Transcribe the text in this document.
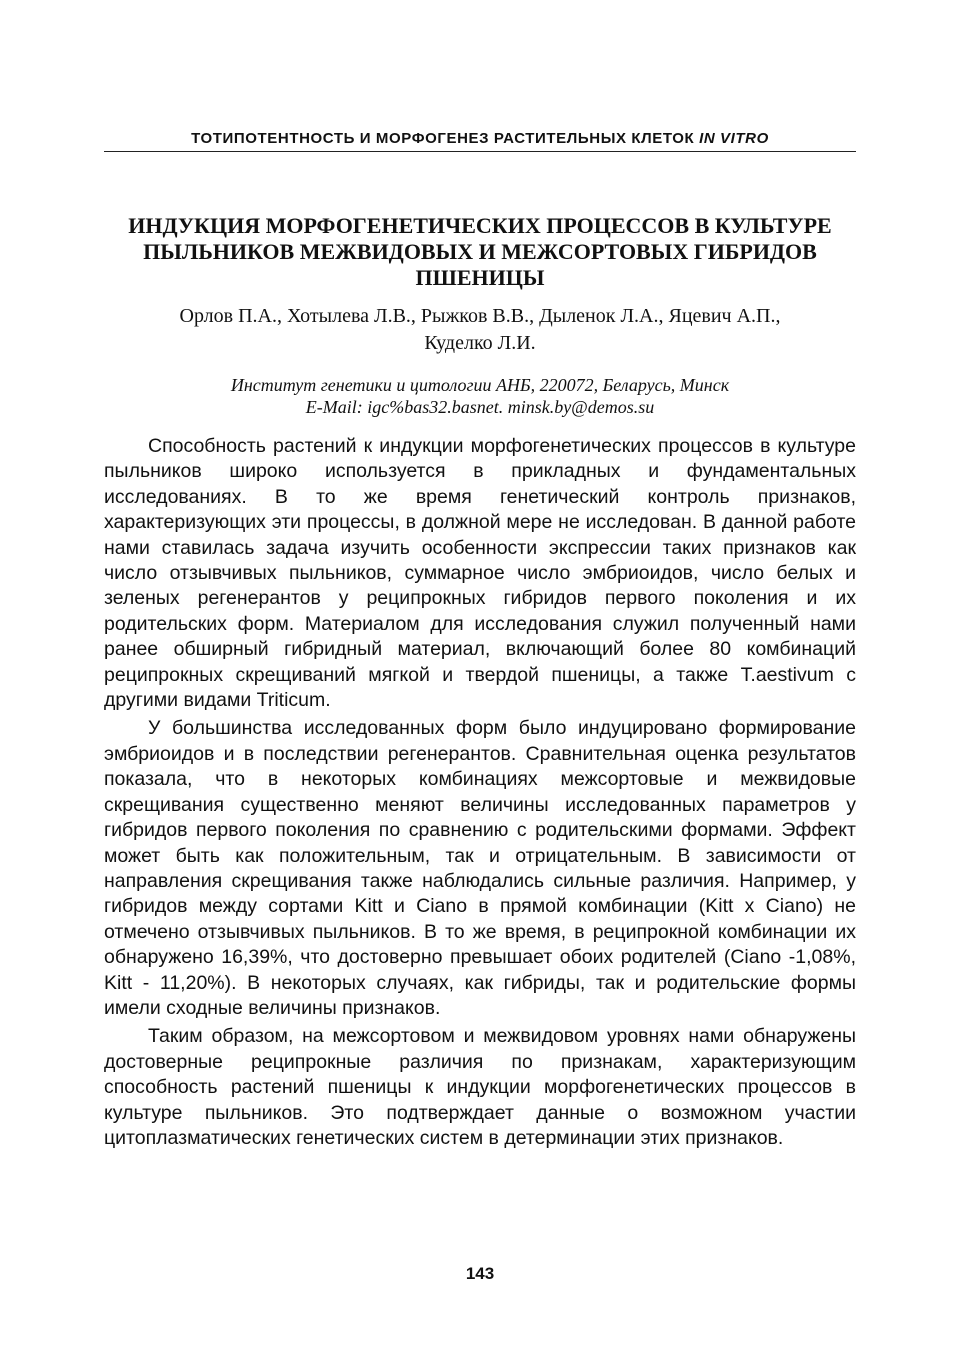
ТОТИПОТЕНТНОСТЬ И МОРФОГЕНЕЗ РАСТИТЕЛЬНЫХ КЛЕТОК IN VITRO
ИНДУКЦИЯ МОРФОГЕНЕТИЧЕСКИХ ПРОЦЕССОВ В КУЛЬТУРЕ
ПЫЛЬНИКОВ МЕЖВИДОВЫХ И МЕЖСОРТОВЫХ ГИБРИДОВ
ПШЕНИЦЫ
Орлов П.А., Хотылева Л.В., Рыжков В.В., Дыленок Л.А., Яцевич А.П.,
Куделко Л.И.
Институт генетики и цитологии АНБ, 220072, Беларусь, Минск
E-Mail: igc%bas32.basnet. minsk.by@demos.su

Способность растений к индукции морфогенетических процессов в культуре пыльников широко используется в прикладных и фундаментальных исследованиях. В то же время генетический контроль признаков, характеризующих эти процессы, в должной мере не исследован. В данной работе нами ставилась задача изучить особенности экспрессии таких признаков как число отзывчивых пыльников, суммарное число эмбриоидов, число белых и зеленых регенерантов у реципрокных гибридов первого поколения и их родительских форм. Материалом для исследования служил полученный нами ранее обширный гибридный материал, включающий более 80 комбинаций реципрокных скрещиваний мягкой и твердой пшеницы, а также T.aestivum с другими видами Triticum.

У большинства исследованных форм было индуцировано формирование эмбриоидов и в последствии регенерантов. Сравнительная оценка результатов показала, что в некоторых комбинациях межсортовые и межвидовые скрещивания существенно меняют величины исследованных параметров у гибридов первого поколения по сравнению с родительскими формами. Эффект может быть как положительным, так и отрицательным. В зависимости от направления скрещивания также наблюдались сильные различия. Например, у гибридов между сортами Kitt и Ciano в прямой комбинации (Kitt x Ciano) не отмечено отзывчивых пыльников. В то же время, в реципрокной комбинации их обнаружено 16,39%, что достоверно превышает обоих родителей (Ciano -1,08%, Kitt - 11,20%). В некоторых случаях, как гибриды, так и родительские формы имели сходные величины признаков.

Таким образом, на межсортовом и межвидовом уровнях нами обнаружены достоверные реципрокные различия по признакам, характеризующим способность растений пшеницы к индукции морфогенетических процессов в культуре пыльников. Это подтверждает данные о возможном участии цитоплазматических генетических систем в детерминации этих признаков.

143
